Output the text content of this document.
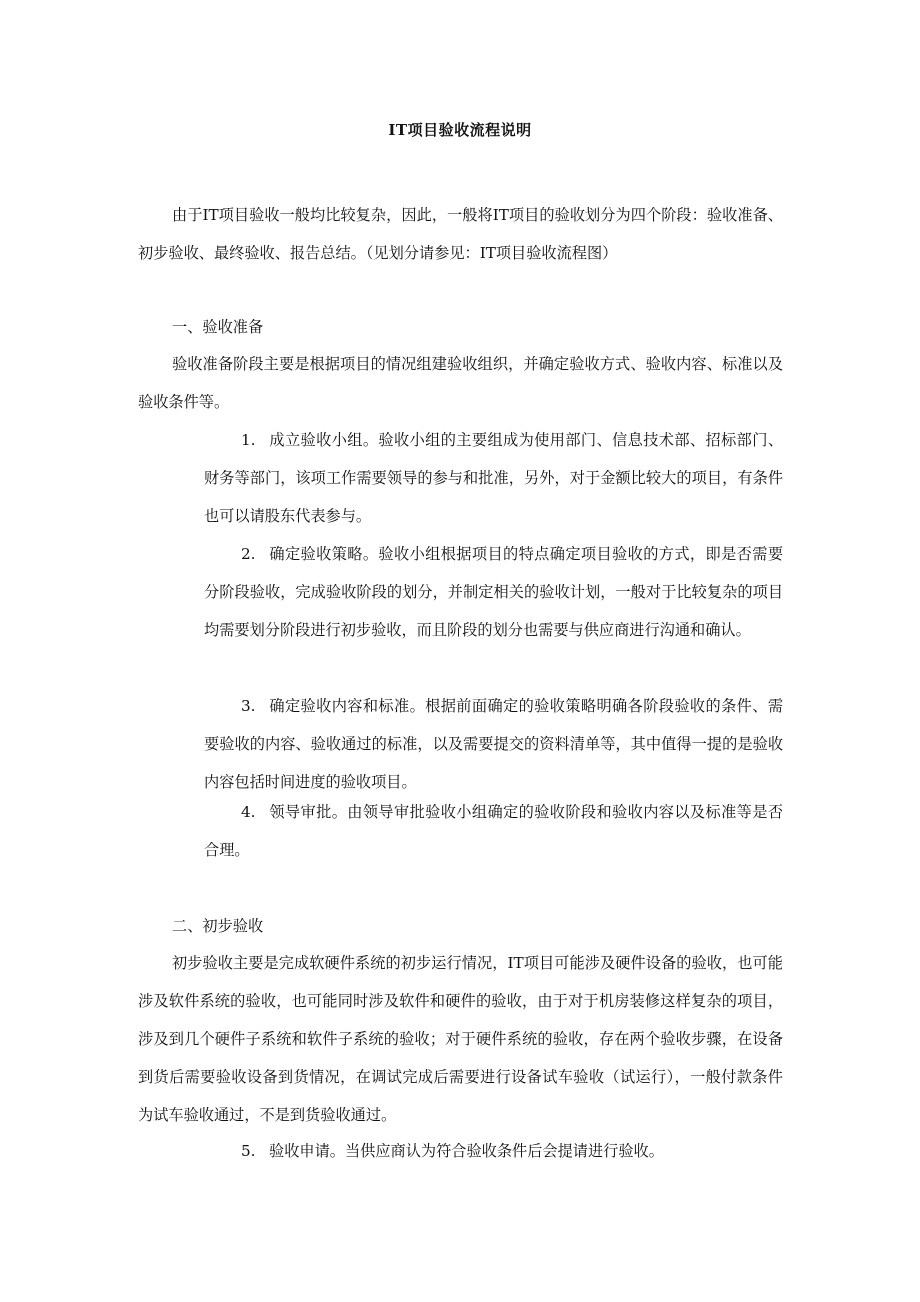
IT项目验收流程说明

由于IT项目验收一般均比较复杂，因此，一般将IT项目的验收划分为四个阶段：验收准备、初步验收、最终验收、报告总结。（见划分请参见：IT项目验收流程图）

一、验收准备

验收准备阶段主要是根据项目的情况组建验收组织，并确定验收方式、验收内容、标准以及验收条件等。

1. 成立验收小组。验收小组的主要组成为使用部门、信息技术部、招标部门、财务等部门，该项工作需要领导的参与和批准，另外，对于金额比较大的项目，有条件也可以请股东代表参与。

2. 确定验收策略。验收小组根据项目的特点确定项目验收的方式，即是否需要分阶段验收，完成验收阶段的划分，并制定相关的验收计划，一般对于比较复杂的项目均需要划分阶段进行初步验收，而且阶段的划分也需要与供应商进行沟通和确认。

3. 确定验收内容和标准。根据前面确定的验收策略明确各阶段验收的条件、需要验收的内容、验收通过的标准，以及需要提交的资料清单等，其中值得一提的是验收内容包括时间进度的验收项目。

4. 领导审批。由领导审批验收小组确定的验收阶段和验收内容以及标准等是否合理。

二、初步验收

初步验收主要是完成软硬件系统的初步运行情况，IT项目可能涉及硬件设备的验收，也可能涉及软件系统的验收，也可能同时涉及软件和硬件的验收，由于对于机房装修这样复杂的项目，涉及到几个硬件子系统和软件子系统的验收；对于硬件系统的验收，存在两个验收步骤，在设备到货后需要验收设备到货情况，在调试完成后需要进行设备试车验收（试运行），一般付款条件为试车验收通过，不是到货验收通过。

5. 验收申请。当供应商认为符合验收条件后会提请进行验收。
